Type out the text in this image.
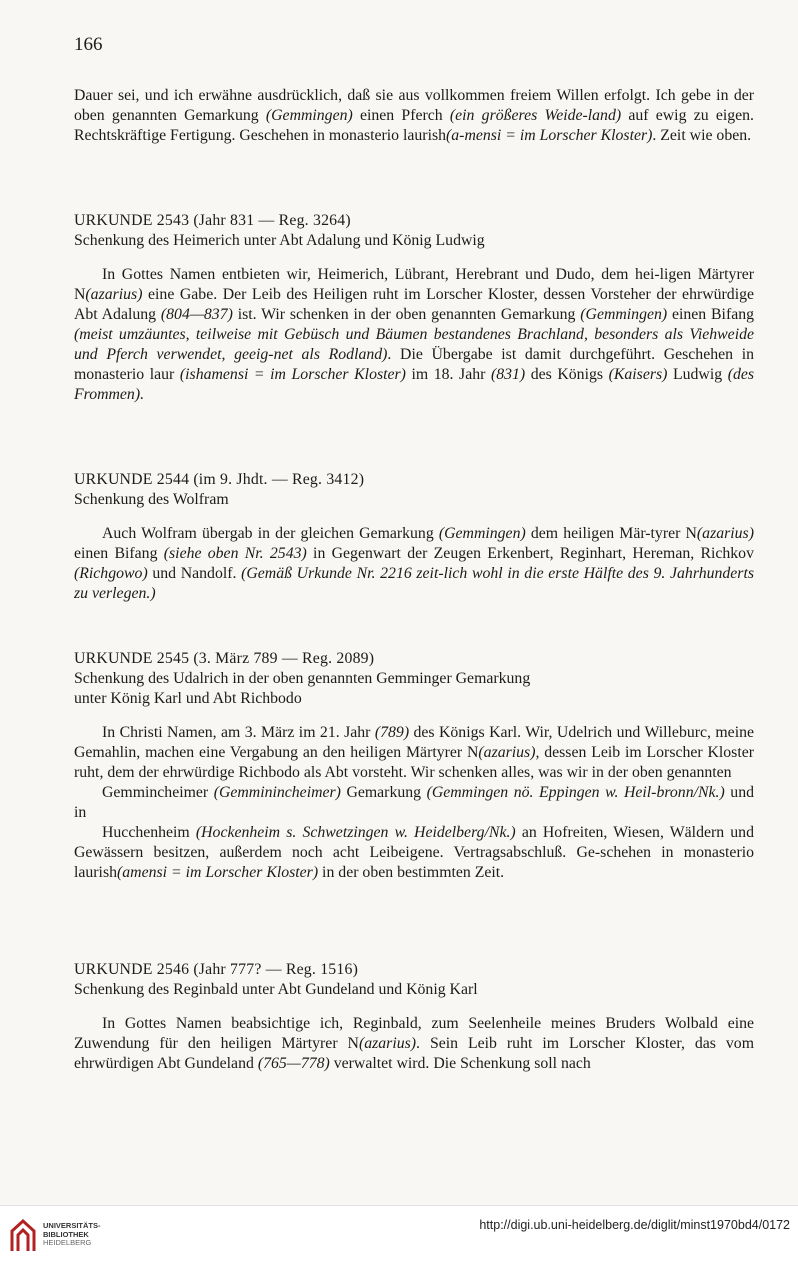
166

Dauer sei, und ich erwähne ausdrücklich, daß sie aus vollkommen freiem Willen erfolgt. Ich gebe in der oben genannten Gemarkung (Gemmingen) einen Pferch (ein größeres Weide-land) auf ewig zu eigen. Rechtskräftige Fertigung. Geschehen in monasterio laurish(a-mensi = im Lorscher Kloster). Zeit wie oben.

URKUNDE 2543 (Jahr 831 — Reg. 3264)

Schenkung des Heimerich unter Abt Adalung und König Ludwig

In Gottes Namen entbieten wir, Heimerich, Lübrant, Herebrant und Dudo, dem hei-ligen Märtyrer N(azarius) eine Gabe. Der Leib des Heiligen ruht im Lorscher Kloster, dessen Vorsteher der ehrwürdige Abt Adalung (804—837) ist. Wir schenken in der oben genannten Gemarkung (Gemmingen) einen Bifang (meist umzäuntes, teilweise mit Gebüsch und Bäumen bestandenes Brachland, besonders als Viehweide und Pferch verwendet, geeig-net als Rodland). Die Übergabe ist damit durchgeführt. Geschehen in monasterio laur (ishamensi = im Lorscher Kloster) im 18. Jahr (831) des Königs (Kaisers) Ludwig (des Frommen).

URKUNDE 2544 (im 9. Jhdt. — Reg. 3412)

Schenkung des Wolfram

Auch Wolfram übergab in der gleichen Gemarkung (Gemmingen) dem heiligen Mär-tyrer N(azarius) einen Bifang (siehe oben Nr. 2543) in Gegenwart der Zeugen Erkenbert, Reginhart, Hereman, Richkov (Richgowo) und Nandolf. (Gemäß Urkunde Nr. 2216 zeit-lich wohl in die erste Hälfte des 9. Jahrhunderts zu verlegen.)

URKUNDE 2545 (3. März 789 — Reg. 2089)

Schenkung des Udalrich in der oben genannten Gemminger Gemarkung

unter König Karl und Abt Richbodo

In Christi Namen, am 3. März im 21. Jahr (789) des Königs Karl. Wir, Udelrich und Willeburc, meine Gemahlin, machen eine Vergabung an den heiligen Märtyrer N(azarius), dessen Leib im Lorscher Kloster ruht, dem der ehrwürdige Richbodo als Abt vorsteht. Wir schenken alles, was wir in der oben genannten

Gemmincheimer (Gemminincheimer) Gemarkung (Gemmingen nö. Eppingen w. Heil-bronn/Nk.) und in

Hucchenheim (Hockenheim s. Schwetzingen w. Heidelberg/Nk.) an Hofreiten, Wiesen, Wäldern und Gewässern besitzen, außerdem noch acht Leibeigene. Vertragsabschluß. Ge-schehen in monasterio laurish(amensi = im Lorscher Kloster) in der oben bestimmten Zeit.

URKUNDE 2546 (Jahr 777? — Reg. 1516)

Schenkung des Reginbald unter Abt Gundeland und König Karl

In Gottes Namen beabsichtige ich, Reginbald, zum Seelenheile meines Bruders Wolbald eine Zuwendung für den heiligen Märtyrer N(azarius). Sein Leib ruht im Lorscher Kloster, das vom ehrwürdigen Abt Gundeland (765—778) verwaltet wird. Die Schenkung soll nach

UNIVERSITÄTS-
BIBLIOTHEK
HEIDELBERG
http://digi.ub.uni-heidelberg.de/diglit/minst1970bd4/0172
